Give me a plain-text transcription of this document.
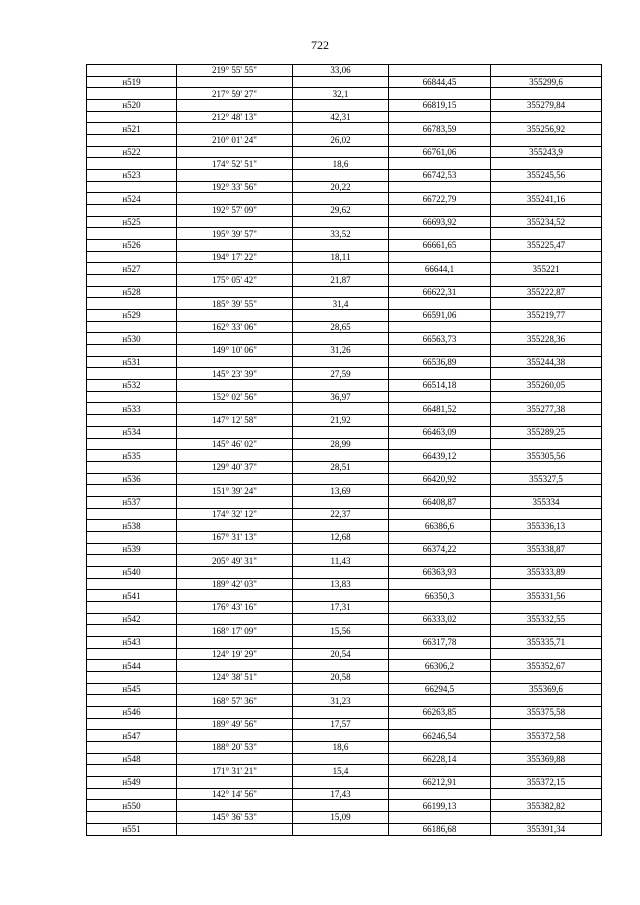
722
	219° 55' 55"	33,06		
н519			66844,45	355299,6
	217° 59' 27"	32,1		
н520			66819,15	355279,84
	212° 48' 13"	42,31		
н521			66783,59	355256,92
	210° 01' 24"	26,02		
н522			66761,06	355243,9
	174° 52' 51"	18,6		
н523			66742,53	355245,56
	192° 33' 56"	20,22		
н524			66722,79	355241,16
	192° 57' 09"	29,62		
н525			66693,92	355234,52
	195° 39' 57"	33,52		
н526			66661,65	355225,47
	194° 17' 22"	18,11		
н527			66644,1	355221
	175° 05' 42"	21,87		
н528			66622,31	355222,87
	185° 39' 55"	31,4		
н529			66591,06	355219,77
	162° 33' 06"	28,65		
н530			66563,73	355228,36
	149° 10' 06"	31,26		
н531			66536,89	355244,38
	145° 23' 39"	27,59		
н532			66514,18	355260,05
	152° 02' 56"	36,97		
н533			66481,52	355277,38
	147° 12' 58"	21,92		
н534			66463,09	355289,25
	145° 46' 02"	28,99		
н535			66439,12	355305,56
	129° 40' 37"	28,51		
н536			66420,92	355327,5
	151° 39' 24"	13,69		
н537			66408,87	355334
	174° 32' 12"	22,37		
н538			66386,6	355336,13
	167° 31' 13"	12,68		
н539			66374,22	355338,87
	205° 49' 31"	11,43		
н540			66363,93	355333,89
	189° 42' 03"	13,83		
н541			66350,3	355331,56
	176° 43' 16"	17,31		
н542			66333,02	355332,55
	168° 17' 09"	15,56		
н543			66317,78	355335,71
	124° 19' 29"	20,54		
н544			66306,2	355352,67
	124° 38' 51"	20,58		
н545			66294,5	355369,6
	168° 57' 36"	31,23		
н546			66263,85	355375,58
	189° 49' 56"	17,57		
н547			66246,54	355372,58
	188° 20' 53"	18,6		
н548			66228,14	355369,88
	171° 31' 21"	15,4		
н549			66212,91	355372,15
	142° 14' 56"	17,43		
н550			66199,13	355382,82
	145° 36' 53"	15,09		
н551			66186,68	355391,34
